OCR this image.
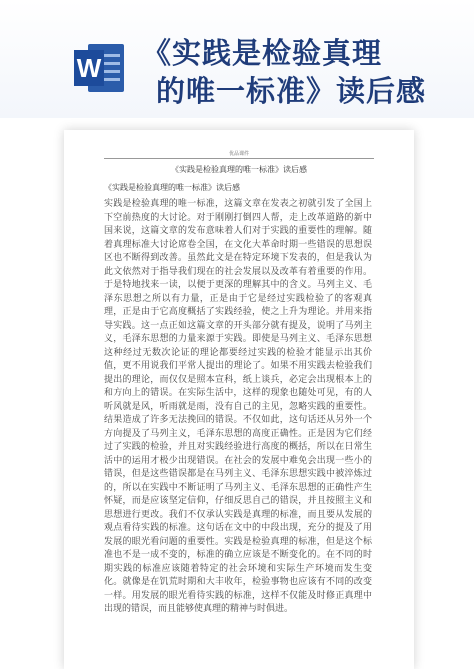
W 《实践是检验真理
的唯一标准》读后感
优品课件
《实践是检验真理的唯一标准》读后感
《实践是检验真理的唯一标准》读后感
实践是检验真理的唯一标准，这篇文章在发表之初就引发了全国上下空前热度的大讨论。对于刚刚打倒四人帮，走上改革道路的新中国来说，这篇文章的发布意味着人们对于实践的重要性的理解。随着真理标准大讨论席卷全国，在文化大革命时期一些错误的思想误区也不断得到改善。虽然此文是在特定环境下发表的，但是我认为此文依然对于指导我们现在的社会发展以及改革有着重要的作用。于是特地找来一读，以便于更深的理解其中的含义。马列主义、毛泽东思想之所以有力量，正是由于它是经过实践检验了的客观真理，正是由于它高度概括了实践经验，使之上升为理论。并用来指导实践。这一点正如这篇文章的开头部分就有提及，说明了马列主义，毛泽东思想的力量来源于实践。即使是马列主义、毛泽东思想这种经过无数次论证的理论都要经过实践的检验才能显示出其价值，更不用说我们平常人提出的理论了。如果不用实践去检验我们提出的理论，而仅仅是照本宣科，纸上谈兵，必定会出现根本上的和方向上的错误。在实际生活中，这样的现象也随处可见，有的人听风就是风，听雨就是雨，没有自己的主见，忽略实践的重要性。结果造成了许多无法挽回的错误。不仅如此，这句话还从另外一个方向提及了马列主义，毛泽东思想的高度正确性。正是因为它们经过了实践的检验，并且对实践经验进行高度的概括，所以在日常生活中的运用才极少出现错误。在社会的发展中难免会出现一些小的错误，但是这些错误都是在马列主义、毛泽东思想实践中被淬炼过的，所以在实践中不断证明了马列主义、毛泽东思想的正确性产生怀疑，而是应该坚定信仰，仔细反思自己的错误，并且按照主义和思想进行更改。我们不仅承认实践是真理的标准，而且要从发展的观点看待实践的标准。这句话在文中的中段出现，充分的提及了用发展的眼光看问题的重要性。实践是检验真理的标准，但是这个标准也不是一成不变的，标准的确立应该是不断变化的。在不同的时期实践的标准应该随着特定的社会环境和实际生产环境而发生变化。就像是在饥荒时期和大丰收年，检验事物也应该有不同的改变一样。用发展的眼光看待实践的标准，这样不仅能及时修正真理中出现的错误，而且能够使真理的精神与时俱进。
